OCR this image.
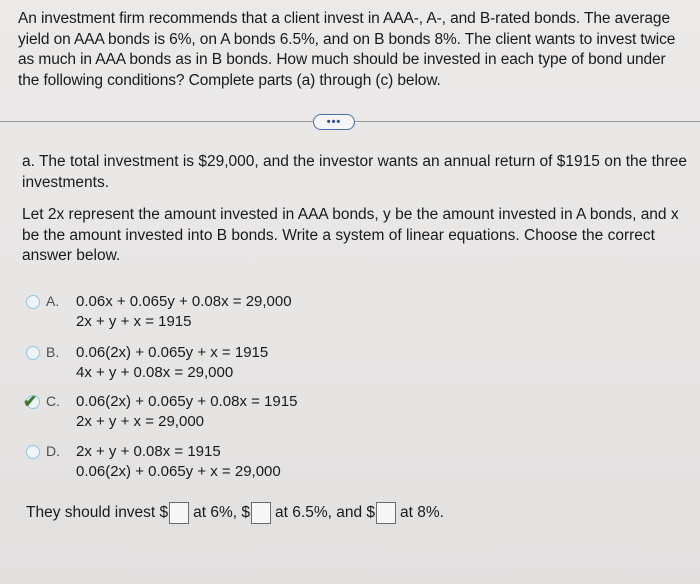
An investment firm recommends that a client invest in AAA-, A-, and B-rated bonds. The average yield on AAA bonds is 6%, on A bonds 6.5%, and on B bonds 8%. The client wants to invest twice as much in AAA bonds as in B bonds. How much should be invested in each type of bond under the following conditions? Complete parts (a) through (c) below.
•••
a. The total investment is $29,000, and the investor wants an annual return of $1915 on the three investments.
Let 2x represent the amount invested in AAA bonds, y be the amount invested in A bonds, and x be the amount invested into B bonds. Write a system of linear equations. Choose the correct answer below.
A.	0.06x + 0.065y + 0.08x = 29,000
2x + y + x = 1915
B.	0.06(2x) + 0.065y + x = 1915
4x + y + 0.08x = 29,000
✔ C.	0.06(2x) + 0.065y + 0.08x = 1915
2x + y + x = 29,000
D.	2x + y + 0.08x = 1915
0.06(2x) + 0.065y + x = 29,000
They should invest $ at 6%, $ at 6.5%, and $ at 8%.
